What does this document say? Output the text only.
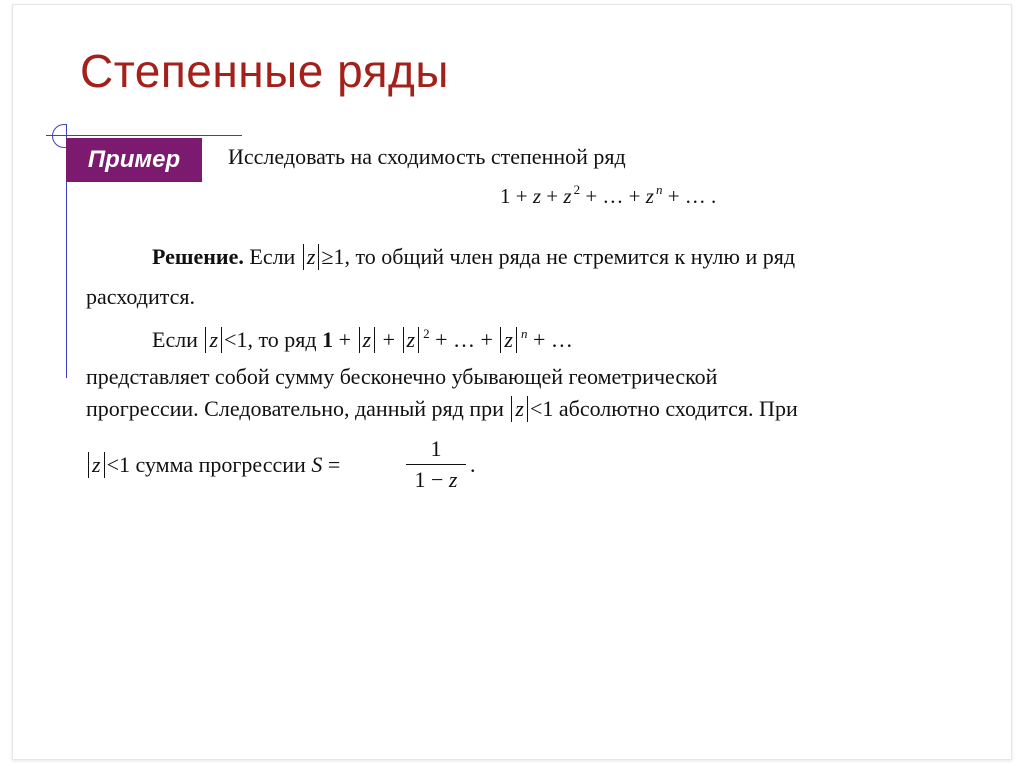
Степенные ряды
Пример	Исследовать на сходимость степенной ряд
1 + z + z $^2$ + … + z $^n$ + … .
Решение. Если z ≥1, то общий член ряда не стремится к нулю и ряд
расходится.
Если z <1, то ряд 1 + z + z $^2$ + … + z $^n$ + …
представляет собой сумму бесконечно убывающей геометрической
прогрессии. Следовательно, данный ряд при z <1 абсолютно сходится. При
z <1 сумма прогрессии S =
1
1 − z
.
